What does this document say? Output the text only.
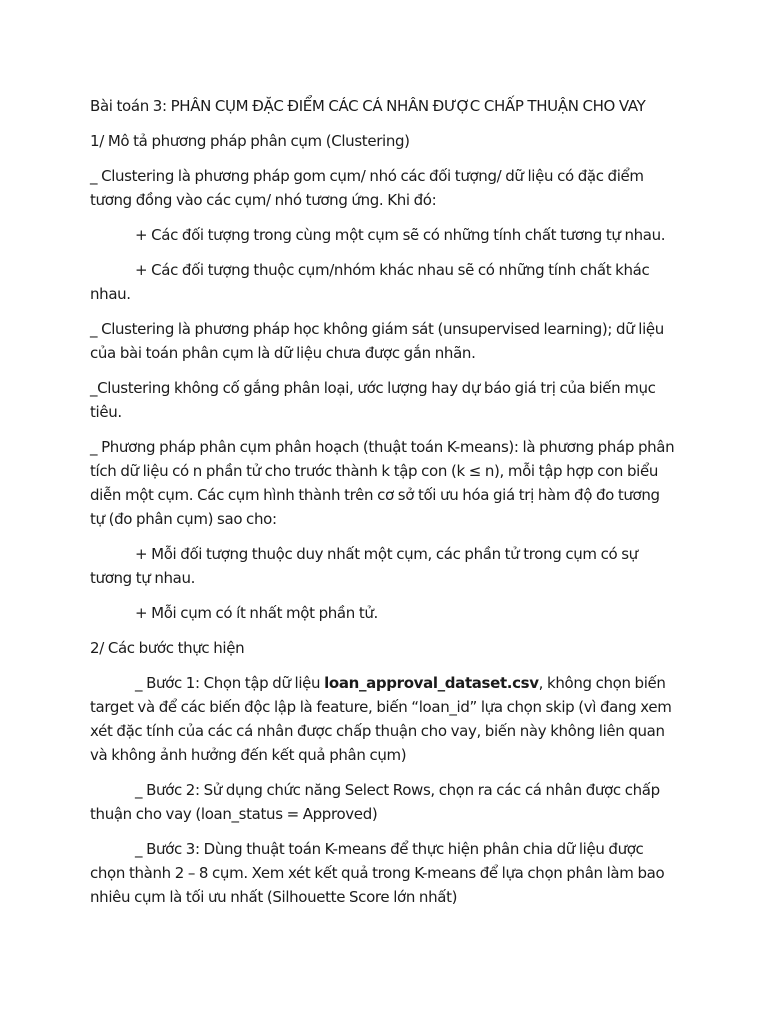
Bài toán 3: PHÂN CỤM ĐẶC ĐIỂM CÁC CÁ NHÂN ĐƯỢC CHẤP THUẬN CHO VAY

1/ Mô tả phương pháp phân cụm (Clustering)

_ Clustering là phương pháp gom cụm/ nhó các đối tượng/ dữ liệu có đặc điểm tương đồng vào các cụm/ nhó tương ứng. Khi đó:

+ Các đối tượng trong cùng một cụm sẽ có những tính chất tương tự nhau.

+ Các đối tượng thuộc cụm/nhóm khác nhau sẽ có những tính chất khác nhau.

_ Clustering là phương pháp học không giám sát (unsupervised learning); dữ liệu của bài toán phân cụm là dữ liệu chưa được gắn nhãn.

_Clustering không cố gắng phân loại, ước lượng hay dự báo giá trị của biến mục tiêu.

_ Phương pháp phân cụm phân hoạch (thuật toán K-means): là phương pháp phân tích dữ liệu có n phần tử cho trước thành k tập con (k ≤ n), mỗi tập hợp con biểu diễn một cụm. Các cụm hình thành trên cơ sở tối ưu hóa giá trị hàm độ đo tương tự (đo phân cụm) sao cho:

+ Mỗi đối tượng thuộc duy nhất một cụm, các phần tử trong cụm có sự tương tự nhau.

+ Mỗi cụm có ít nhất một phần tử.

2/ Các bước thực hiện

_ Bước 1: Chọn tập dữ liệu loan_approval_dataset.csv, không chọn biến target và để các biến độc lập là feature, biến “loan_id” lựa chọn skip (vì đang xem xét đặc tính của các cá nhân được chấp thuận cho vay, biến này không liên quan và không ảnh hưởng đến kết quả phân cụm)

_ Bước 2: Sử dụng chức năng Select Rows, chọn ra các cá nhân được chấp thuận cho vay (loan_status = Approved)

_ Bước 3: Dùng thuật toán K-means để thực hiện phân chia dữ liệu được chọn thành 2 – 8 cụm. Xem xét kết quả trong K-means để lựa chọn phân làm bao nhiêu cụm là tối ưu nhất (Silhouette Score lớn nhất)
